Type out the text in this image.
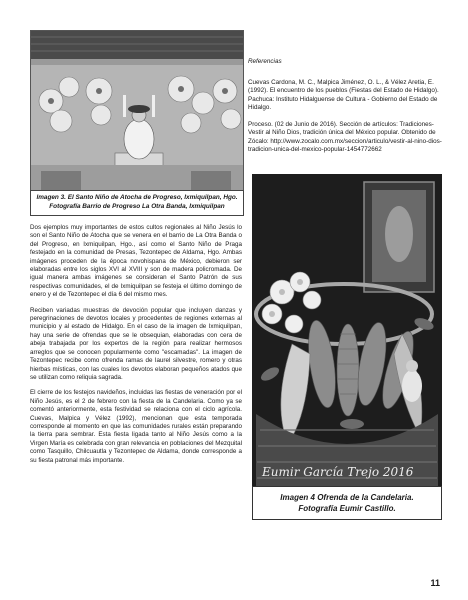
Imagen 3. El Santo Niño de Atocha de Progreso, Ixmiquilpan, Hgo.
Fotografía Barrio de Progreso La Otra Banda, Ixmiquilpan

Dos ejemplos muy importantes de estos cultos regionales al Niño Jesús lo son el Santo Niño de Atocha que se venera en el barrio de La Otra Banda o del Progreso, en Ixmiquilpan, Hgo., así como el Santo Niño de Praga festejado en la comunidad de Presas, Tezontepec de Aldama, Hgo. Ambas imágenes proceden de la época novohispana de México, debieron ser elaboradas entre los siglos XVI al XVIII y son de madera policromada. De igual manera ambas imágenes se consideran el Santo Patrón de sus respectivas comunidades, el de Ixmiquilpan se festeja el último domingo de enero y el de Tezontepec el día 6 del mismo mes.

Reciben variadas muestras de devoción popular que incluyen danzas y peregrinaciones de devotos locales y procedentes de regiones externas al municipio y al estado de Hidalgo. En el caso de la imagen de Ixmiquilpan, hay una serie de ofrendas que se le obsequian, elaboradas con cera de abeja trabajada por los expertos de la región para realizar hermosos arreglos que se conocen popularmente como "escamadas". La imagen de Tezontepec recibe como ofrenda ramas de laurel silvestre, romero y otras hierbas místicas, con las cuales los devotos elaboran pequeños atados que se utilizan como reliquia sagrada.

El cierre de los festejos navideños, incluidas las fiestas de veneración por el Niño Jesús, es el 2 de febrero con la fiesta de la Candelaria. Como ya se comentó anteriormente, esta festividad se relaciona con el ciclo agrícola. Cuevas, Malpica y Vélez (1992), mencionan que esta temporada corresponde al momento en que las comunidades rurales están preparando la tierra para sembrar. Esta fiesta ligada tanto al Niño Jesús como a la Virgen María es celebrada con gran relevancia en poblaciones del Mezquital como Tasquillo, Chilcuautla y Tezontepec de Aldama, donde corresponde a su fiesta patronal más importante.

Referencias

Cuevas Cardona, M. C., Malpica Jiménez, O. L., & Vélez Aretia, E. (1992). El encuentro de los pueblos (Fiestas del Estado de Hidalgo). Pachuca: Instituto Hidalguense de Cultura - Gobierno del Estado de Hidalgo.

Proceso. (02 de Junio de 2016). Sección de artículos: Tradiciones- Vestir al Niño Dios, tradición única del México popular. Obtenido de Zócalo: http://www.zocalo.com.mx/seccion/articulo/vestir-al-nino-dios-tradicion-unica-del-mexico-popular-1454772662

Eumir García Trejo 2016
Imagen 4 Ofrenda de la Candelaria.
Fotografía Eumir Castillo.
11
